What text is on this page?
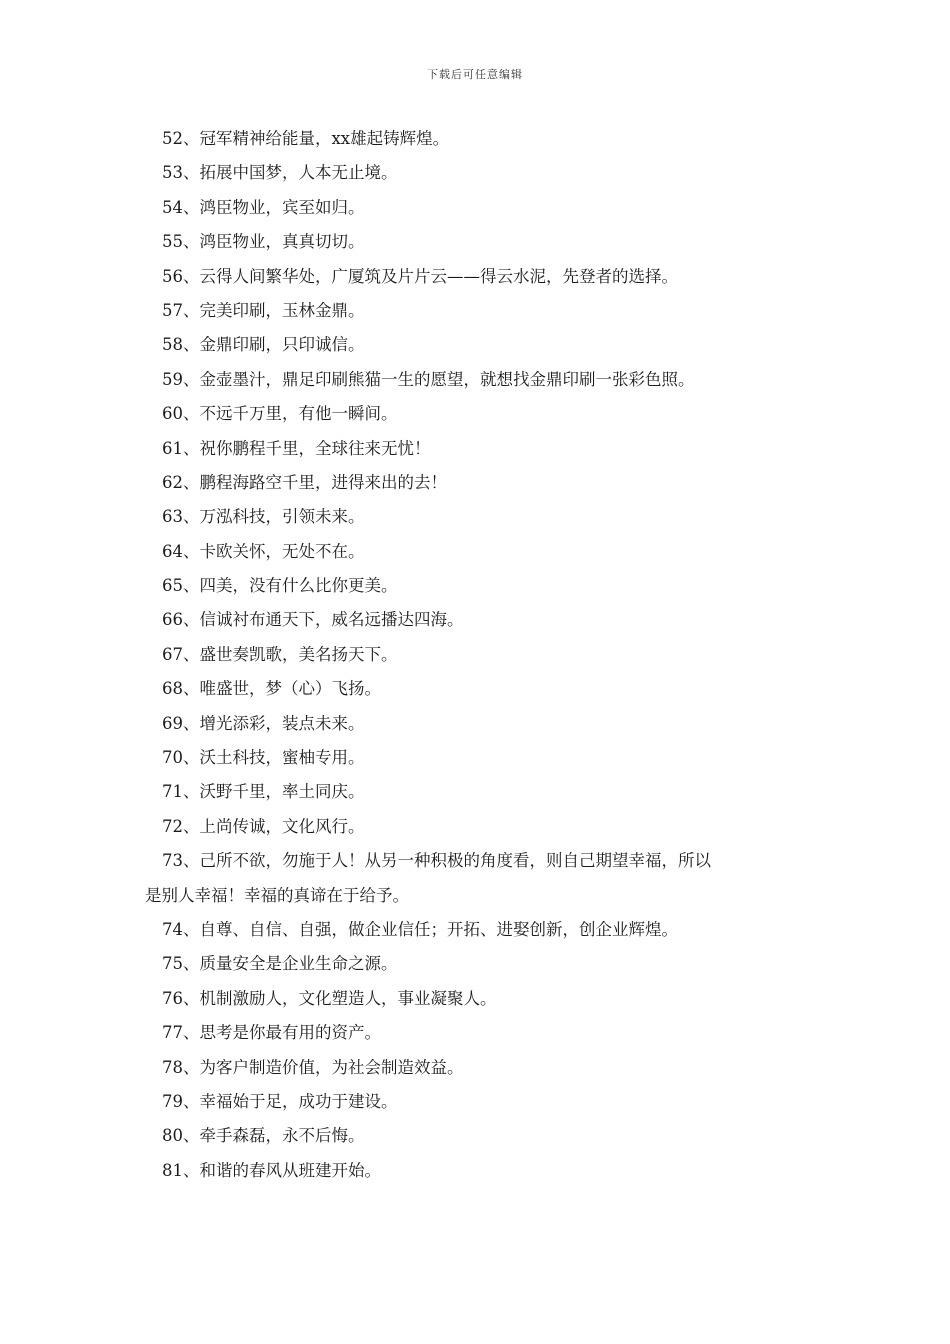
下载后可任意编辑
52、冠军精神给能量，xx雄起铸辉煌。
53、拓展中国梦，人本无止境。
54、鸿臣物业，宾至如归。
55、鸿臣物业，真真切切。
56、云得人间繁华处，广厦筑及片片云——得云水泥，先登者的选择。
57、完美印刷，玉林金鼎。
58、金鼎印刷，只印诚信。
59、金壶墨汁，鼎足印刷熊猫一生的愿望，就想找金鼎印刷一张彩色照。
60、不远千万里，有他一瞬间。
61、祝你鹏程千里，全球往来无忧！
62、鹏程海路空千里，进得来出的去！
63、万泓科技，引领未来。
64、卡欧关怀，无处不在。
65、四美，没有什么比你更美。
66、信诚衬布通天下，威名远播达四海。
67、盛世奏凯歌，美名扬天下。
68、唯盛世，梦（心）飞扬。
69、增光添彩，装点未来。
70、沃土科技，蜜柚专用。
71、沃野千里，率土同庆。
72、上尚传诚，文化风行。
73、己所不欲，勿施于人！从另一种积极的角度看，则自己期望幸福，所以
是别人幸福！幸福的真谛在于给予。
74、自尊、自信、自强，做企业信任；开拓、进娶创新，创企业辉煌。
75、质量安全是企业生命之源。
76、机制激励人，文化塑造人，事业凝聚人。
77、思考是你最有用的资产。
78、为客户制造价值，为社会制造效益。
79、幸福始于足，成功于建设。
80、牵手森磊，永不后悔。
81、和谐的春风从班建开始。
